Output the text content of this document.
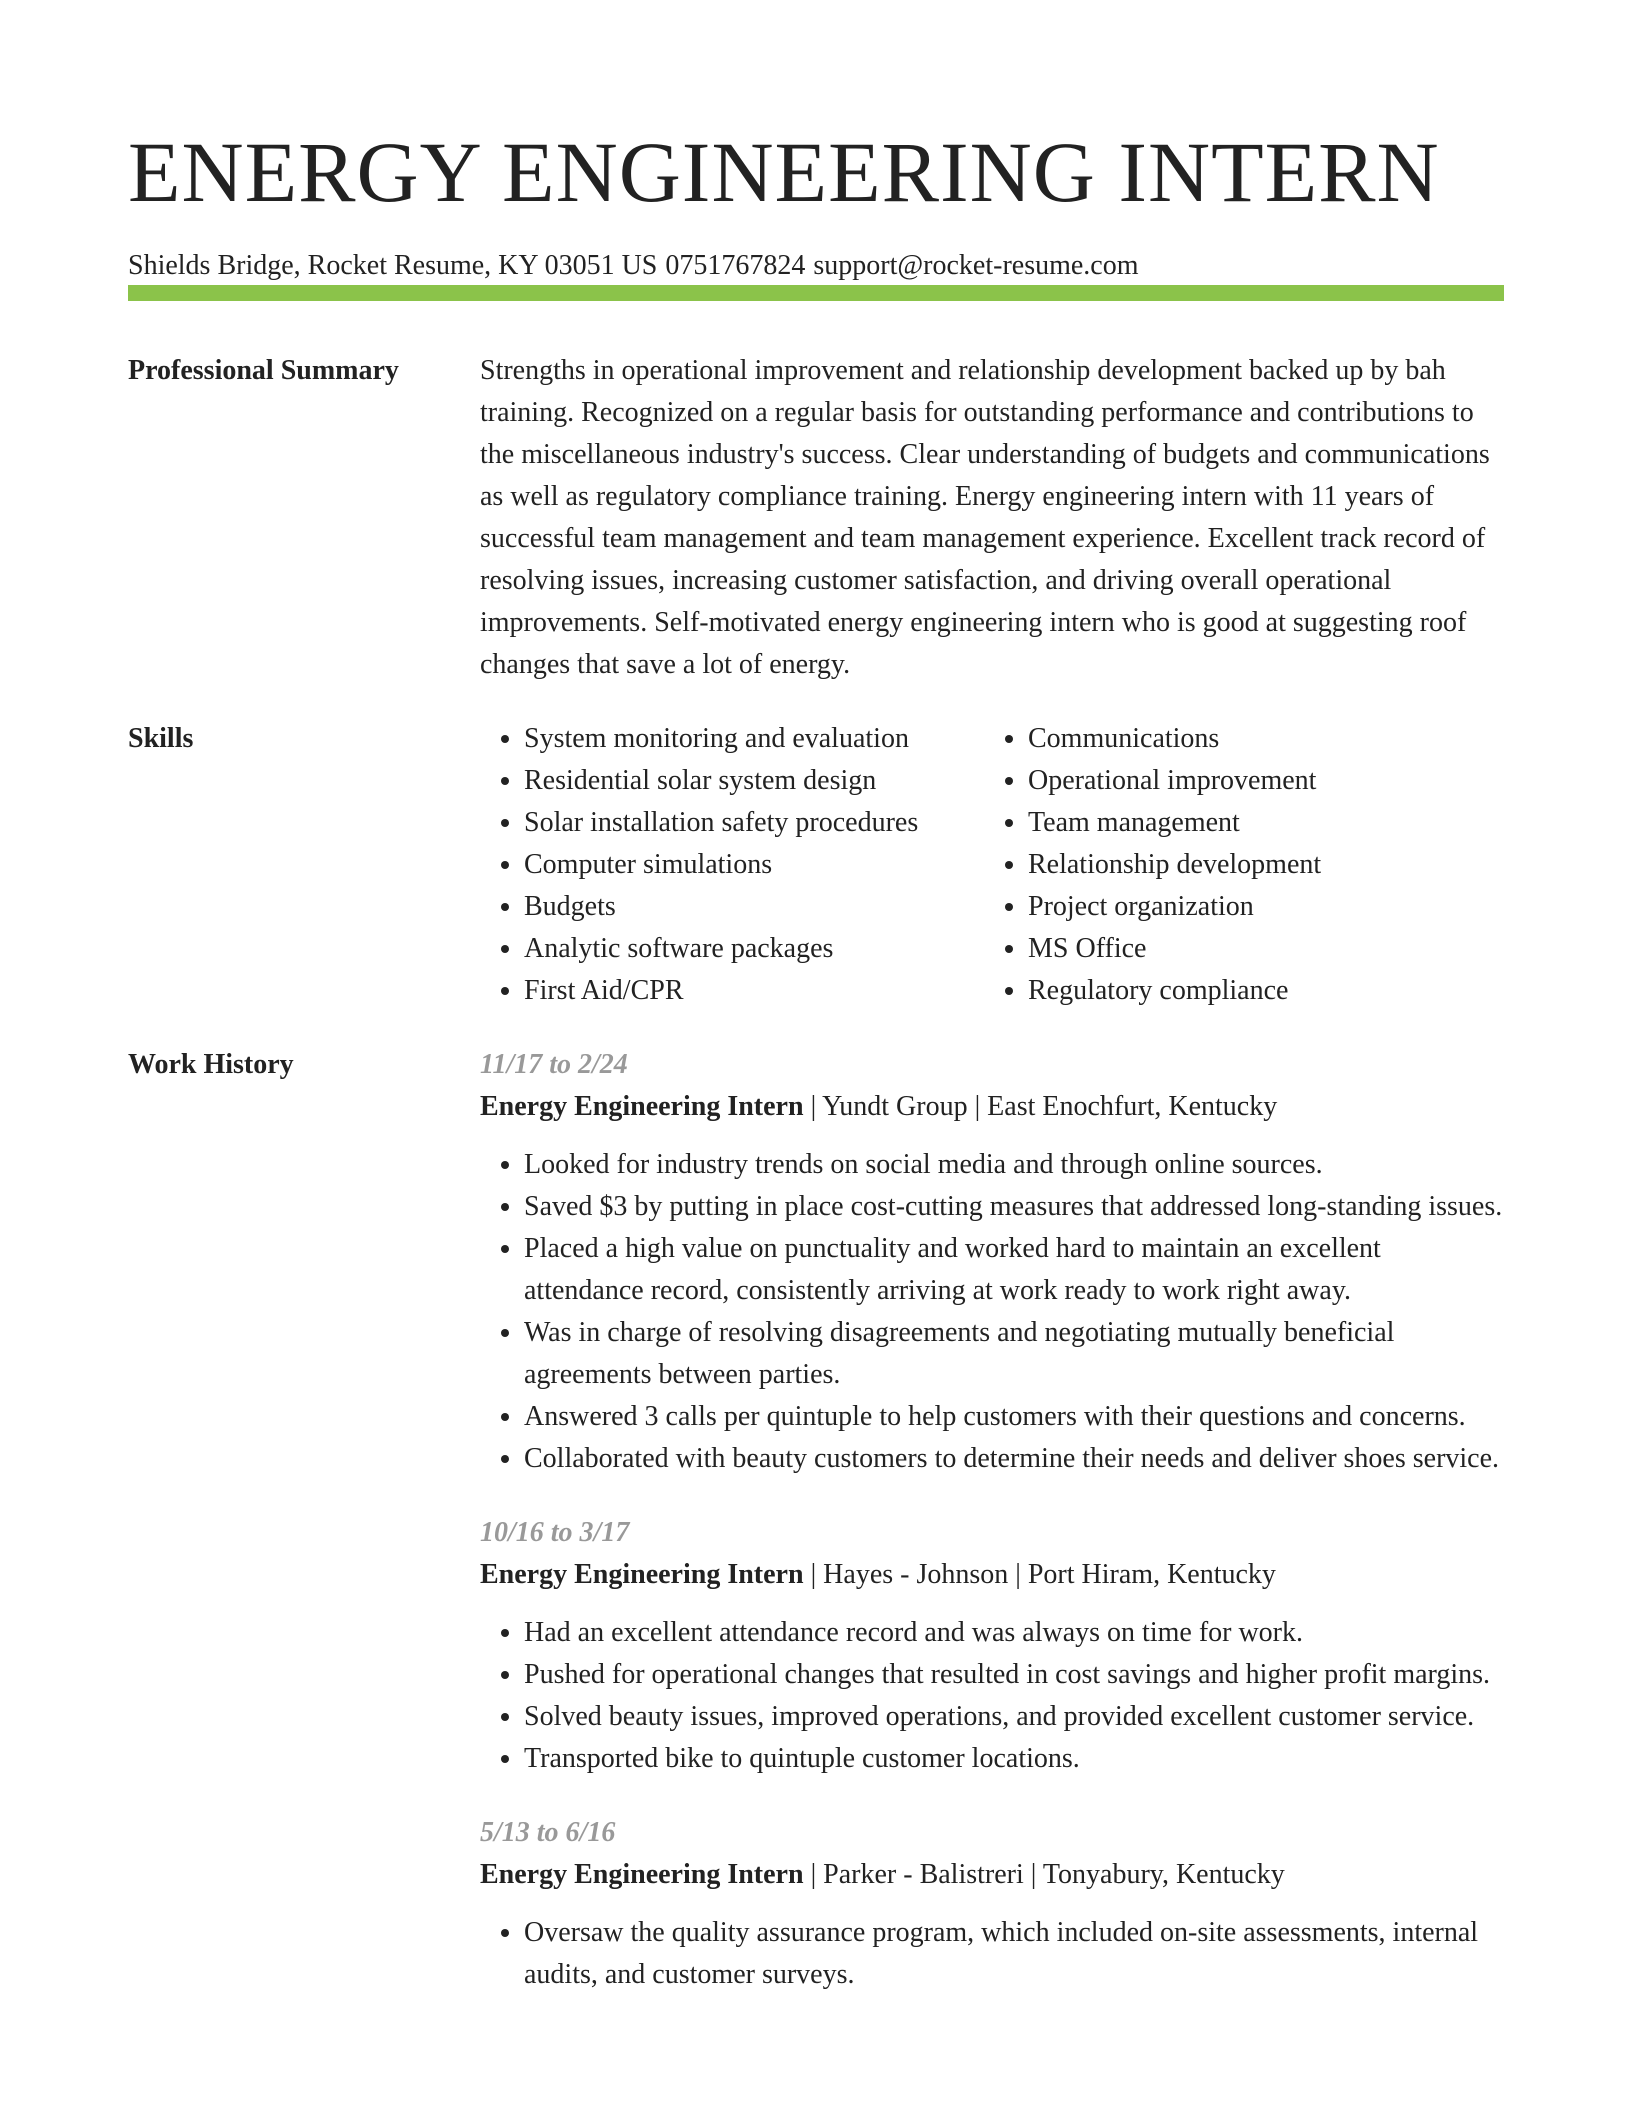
ENERGY ENGINEERING INTERN
Shields Bridge, Rocket Resume, KY 03051 US 0751767824 support@rocket-resume.com
Professional Summary	Strengths in operational improvement and relationship development backed up by bah training. Recognized on a regular basis for outstanding performance and contributions to the miscellaneous industry's success. Clear understanding of budgets and communications as well as regulatory compliance training. Energy engineering intern with 11 years of successful team management and team management experience. Excellent track record of resolving issues, increasing customer satisfaction, and driving overall operational improvements. Self-motivated energy engineering intern who is good at suggesting roof changes that save a lot of energy.

Skills
•	System monitoring and evaluation
• Residential solar system design
• Solar installation safety procedures
• Computer simulations
• Budgets
• Analytic software packages
• First Aid/CPR
• Communications
• Operational improvement
• Team management
• Relationship development
• Project organization
• MS Office
• Regulatory compliance
Work History	11/17 to 2/24
Energy Engineering Intern | Yundt Group | East Enochfurt, Kentucky
• Looked for industry trends on social media and through online sources.
• Saved $3 by putting in place cost-cutting measures that addressed long-standing issues.
• Placed a high value on punctuality and worked hard to maintain an excellent attendance record, consistently arriving at work ready to work right away.
• Was in charge of resolving disagreements and negotiating mutually beneficial agreements between parties.
• Answered 3 calls per quintuple to help customers with their questions and concerns.
• Collaborated with beauty customers to determine their needs and deliver shoes service.
10/16 to 3/17
Energy Engineering Intern | Hayes - Johnson | Port Hiram, Kentucky
• Had an excellent attendance record and was always on time for work.
• Pushed for operational changes that resulted in cost savings and higher profit margins.
• Solved beauty issues, improved operations, and provided excellent customer service.
• Transported bike to quintuple customer locations.
5/13 to 6/16
Energy Engineering Intern | Parker - Balistreri | Tonyabury, Kentucky
• Oversaw the quality assurance program, which included on-site assessments, internal audits, and customer surveys.
